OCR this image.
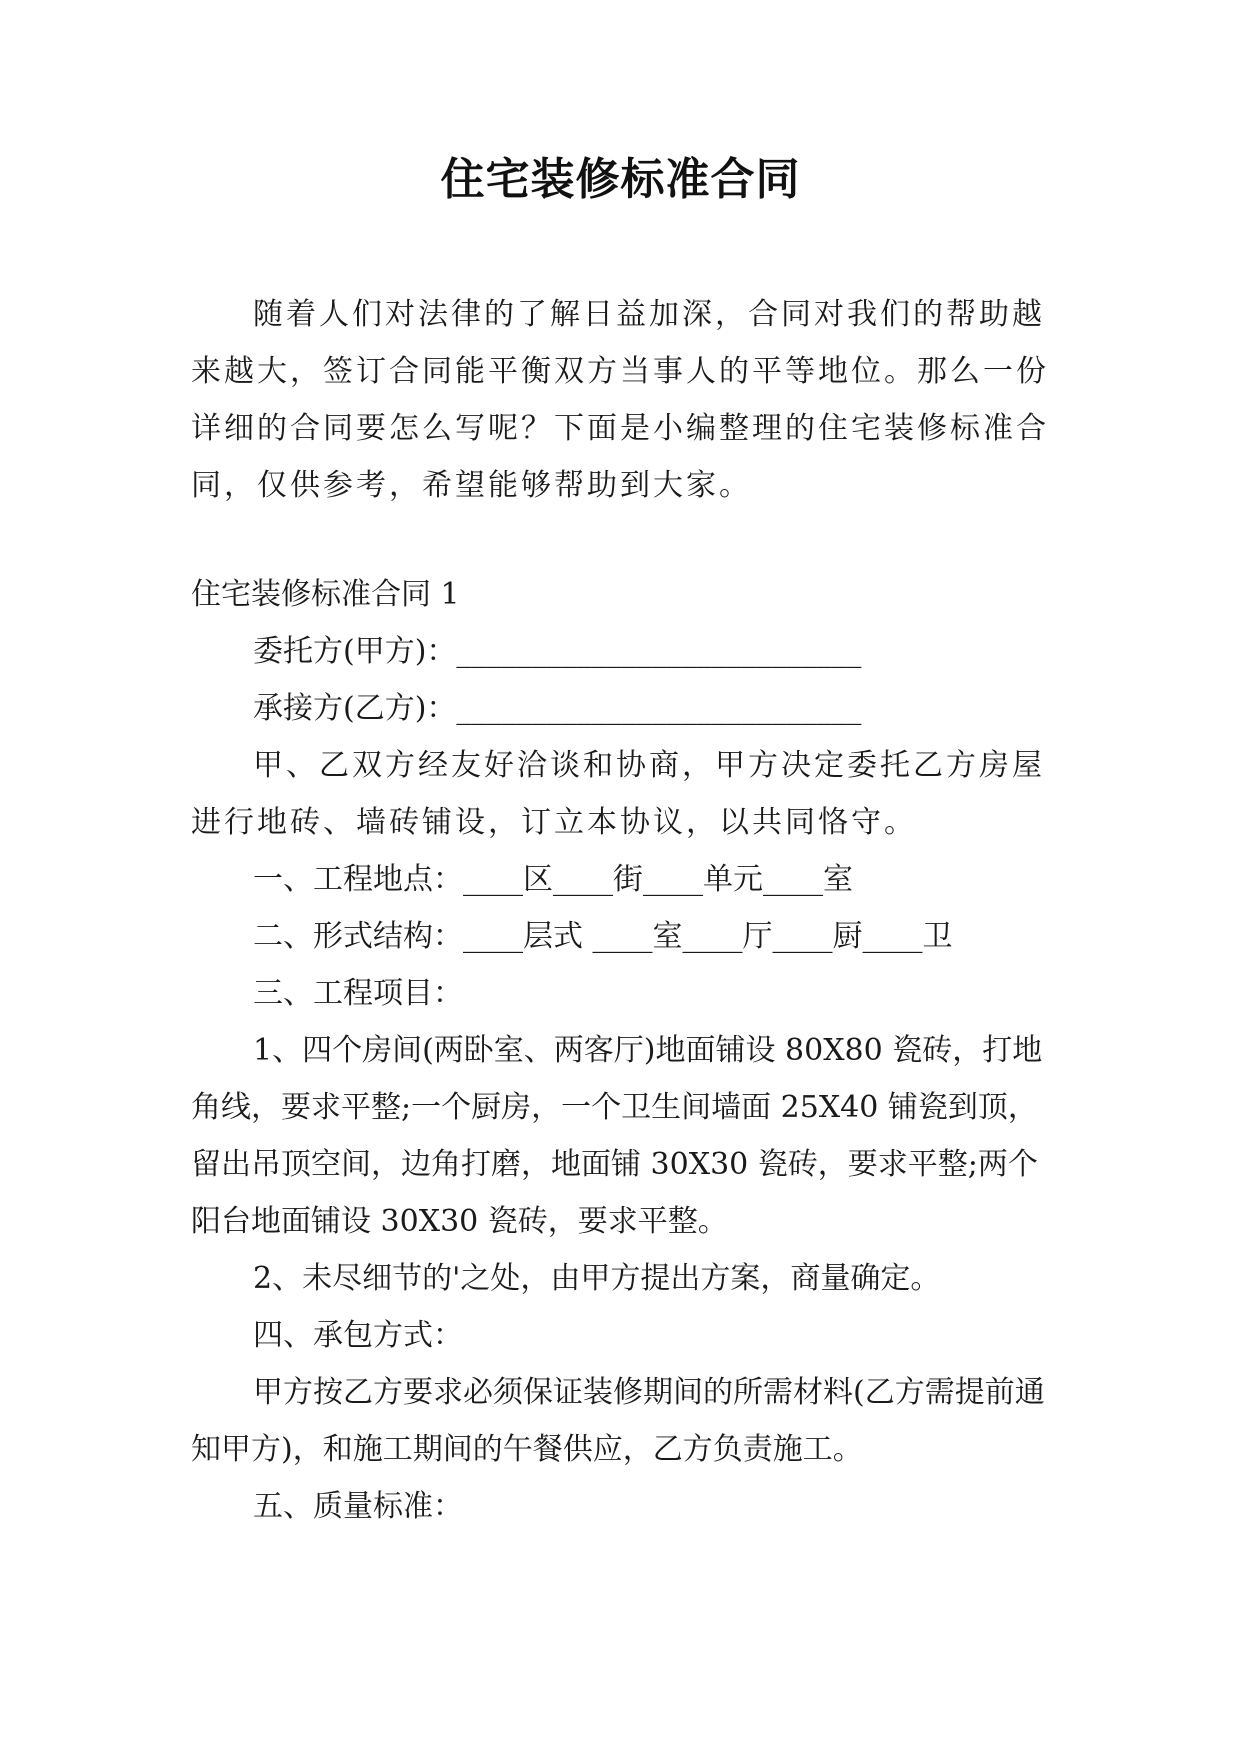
住宅装修标准合同

随着人们对法律的了解日益加深，合同对我们的帮助越来越大，签订合同能平衡双方当事人的平等地位。那么一份详细的合同要怎么写呢？下面是小编整理的住宅装修标准合同，仅供参考，希望能够帮助到大家。

住宅装修标准合同 1

委托方(甲方)：___________________________

承接方(乙方)：___________________________

甲、乙双方经友好洽谈和协商，甲方决定委托乙方房屋进行地砖、墙砖铺设，订立本协议，以共同恪守。

一、工程地点：____区____街____单元____室

二、形式结构：____层式 ____室____厅____厨____卫

三、工程项目：

1、四个房间(两卧室、两客厅)地面铺设 80X80 瓷砖，打地角线，要求平整;一个厨房，一个卫生间墙面 25X40 铺瓷到顶，留出吊顶空间，边角打磨，地面铺 30X30 瓷砖，要求平整;两个阳台地面铺设 30X30 瓷砖，要求平整。

2、未尽细节的'之处，由甲方提出方案，商量确定。

四、承包方式：

甲方按乙方要求必须保证装修期间的所需材料(乙方需提前通知甲方)，和施工期间的午餐供应，乙方负责施工。

五、质量标准：
